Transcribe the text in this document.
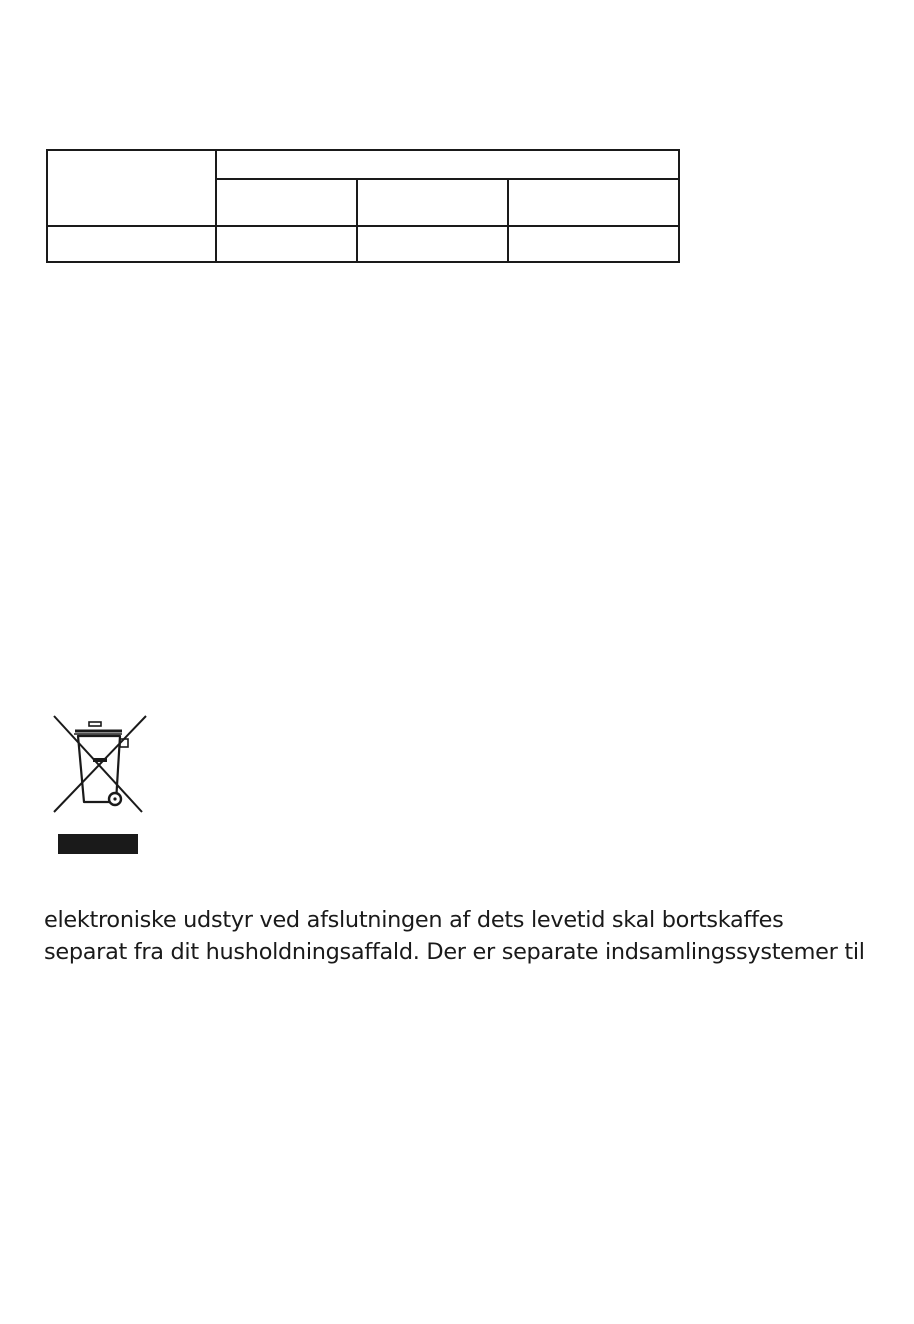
elektroniske udstyr ved afslutningen af dets levetid skal bortskaffes
separat fra dit husholdningsaffald. Der er separate indsamlingssystemer til
